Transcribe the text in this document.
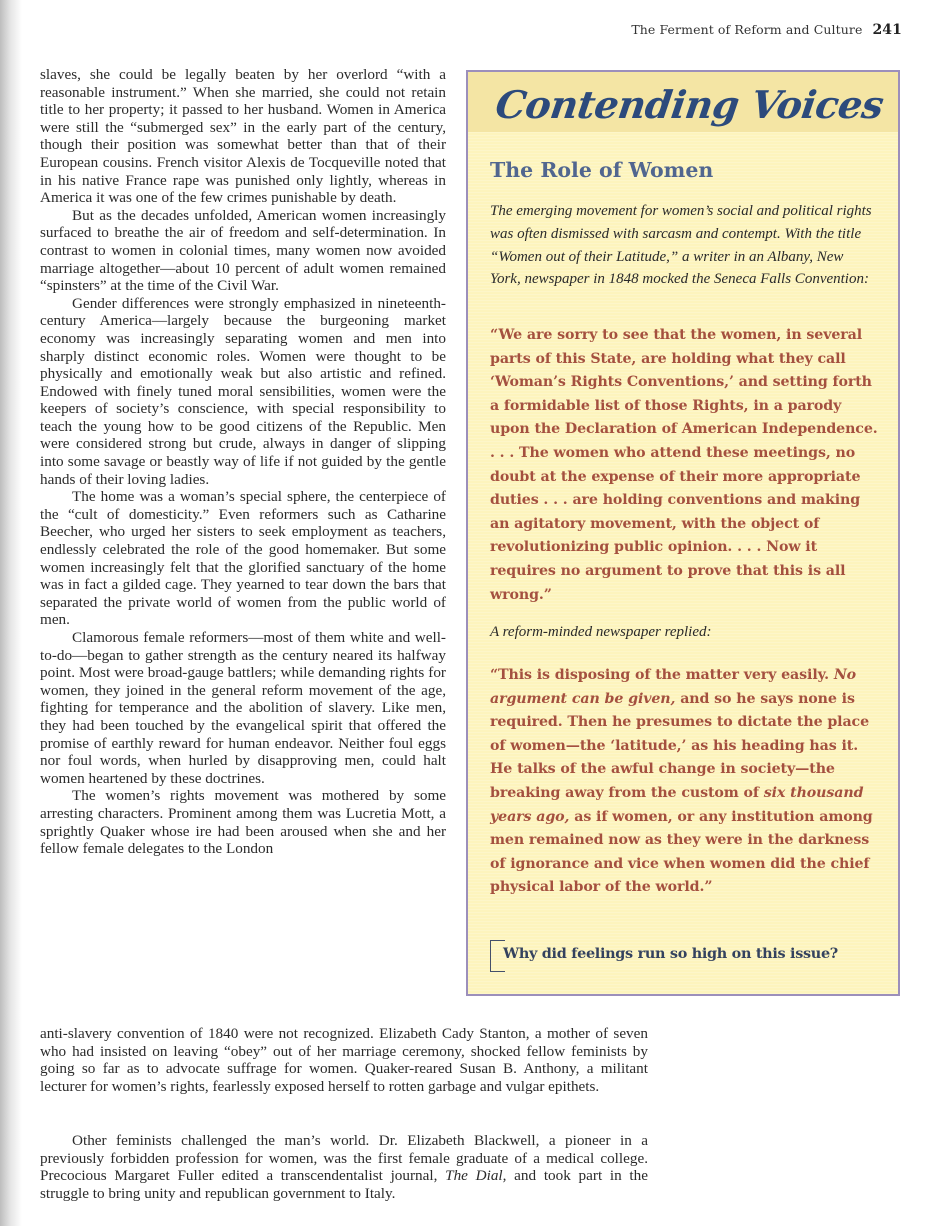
The Ferment of Reform and Culture 241

slaves, she could be legally beaten by her overlord “with a reasonable instrument.” When she married, she could not retain title to her property; it passed to her husband. Women in America were still the “submerged sex” in the early part of the century, though their position was somewhat better than that of their European cousins. French visitor Alexis de Tocqueville noted that in his native France rape was punished only lightly, whereas in America it was one of the few crimes punishable by death.

But as the decades unfolded, American women increasingly surfaced to breathe the air of freedom and self-determination. In contrast to women in colonial times, many women now avoided marriage altogether—about 10 percent of adult women remained “spinsters” at the time of the Civil War.

Gender differences were strongly emphasized in nineteenth-century America—largely because the burgeoning market economy was increasingly separating women and men into sharply distinct economic roles. Women were thought to be physically and emotionally weak but also artistic and refined. Endowed with finely tuned moral sensibilities, women were the keepers of society’s conscience, with special responsibility to teach the young how to be good citizens of the Republic. Men were considered strong but crude, always in danger of slipping into some savage or beastly way of life if not guided by the gentle hands of their loving ladies.

The home was a woman’s special sphere, the centerpiece of the “cult of domesticity.” Even reformers such as Catharine Beecher, who urged her sisters to seek employment as teachers, endlessly celebrated the role of the good homemaker. But some women increasingly felt that the glorified sanctuary of the home was in fact a gilded cage. They yearned to tear down the bars that separated the private world of women from the public world of men.

Clamorous female reformers—most of them white and well-to-do—began to gather strength as the century neared its halfway point. Most were broad-gauge battlers; while demanding rights for women, they joined in the general reform movement of the age, fighting for temperance and the abolition of slavery. Like men, they had been touched by the evangelical spirit that offered the promise of earthly reward for human endeavor. Neither foul eggs nor foul words, when hurled by disapproving men, could halt women heartened by these doctrines.

The women’s rights movement was mothered by some arresting characters. Prominent among them was Lucretia Mott, a sprightly Quaker whose ire had been aroused when she and her fellow female delegates to the London

anti-slavery convention of 1840 were not recognized. Elizabeth Cady Stanton, a mother of seven who had insisted on leaving “obey” out of her marriage ceremony, shocked fellow feminists by going so far as to advocate suffrage for women. Quaker-reared Susan B. Anthony, a militant lecturer for women’s rights, fearlessly exposed herself to rotten garbage and vulgar epithets.

Other feminists challenged the man’s world. Dr. Elizabeth Blackwell, a pioneer in a previously forbidden profession for women, was the first female graduate of a medical college. Precocious Margaret Fuller edited a transcendentalist journal, The Dial, and took part in the struggle to bring unity and republican government to Italy.

Contending Voices
The Role of Women
The emerging movement for women’s social and political rights was often dismissed with sarcasm and contempt. With the title “Women out of their Latitude,” a writer in an Albany, New York, newspaper in 1848 mocked the Seneca Falls Convention:
“We are sorry to see that the women, in several parts of this State, are holding what they call ‘Woman’s Rights Conventions,’ and setting forth a formidable list of those Rights, in a parody upon the Declaration of American Independence. . . . The women who attend these meetings, no doubt at the expense of their more appropriate duties . . . are holding conventions and making an agitatory movement, with the object of revolutionizing public opinion. . . . Now it requires no argument to prove that this is all wrong.”
A reform-minded newspaper replied:
“This is disposing of the matter very easily. No argument can be given, and so he says none is required. Then he presumes to dictate the place of women—the ‘latitude,’ as his heading has it. He talks of the awful change in society—the breaking away from the custom of six thousand years ago, as if women, or any institution among men remained now as they were in the darkness of ignorance and vice when women did the chief physical labor of the world.”
Why did feelings run so high on this issue?
